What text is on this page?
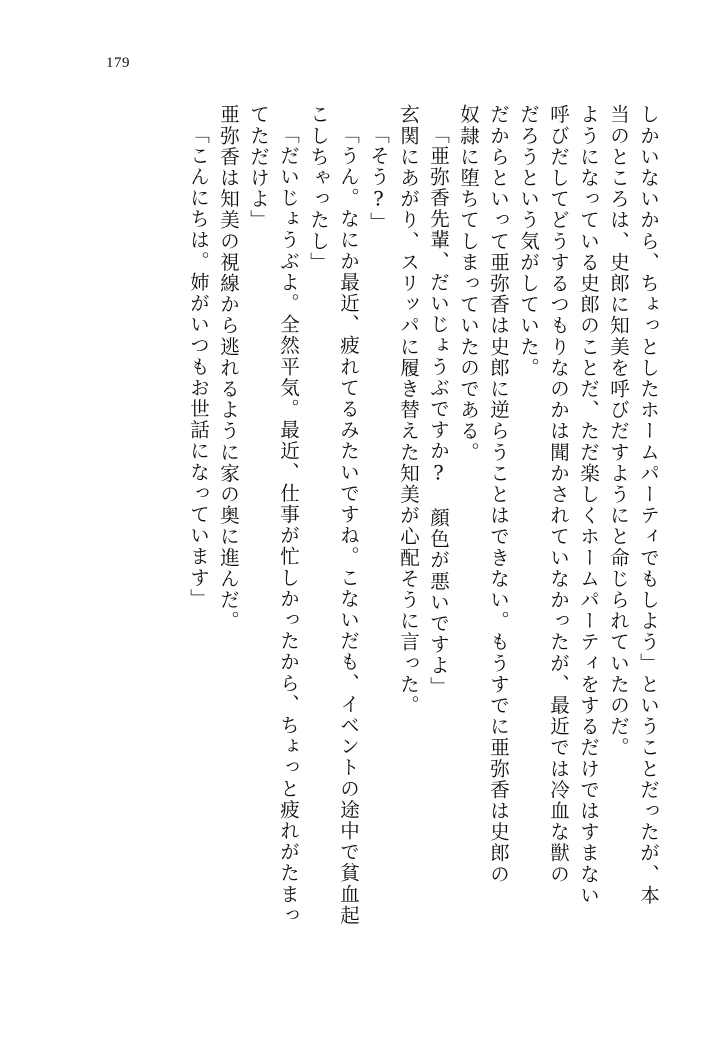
179
しかいないから、ちょっとしたホームパーティでもしよう」ということだったが、本
当のところは、史郎に知美を呼びだすようにと命じられていたのだ。
ようになっている史郎のことだ、ただ楽しくホームパーティをするだけではすまない
呼びだしてどうするつもりなのかは聞かされていなかったが、最近では冷血な獣の
だろうという気がしていた。
だからといって亜弥香は史郎に逆らうことはできない。もうすでに亜弥香は史郎の
奴隷に堕ちてしまっていたのである。
「亜弥香先輩、だいじょうぶですか?　顔色が悪いですよ」
玄関にあがり、スリッパに履き替えた知美が心配そうに言った。
「そう?」
「うん。なにか最近、疲れてるみたいですね。こないだも、イベントの途中で貧血起
こしちゃったし」
「だいじょうぶよ。全然平気。最近、仕事が忙しかったから、ちょっと疲れがたまっ
てただけよ」
亜弥香は知美の視線から逃れるように家の奥に進んだ。
「こんにちは。姉がいつもお世話になっています」
